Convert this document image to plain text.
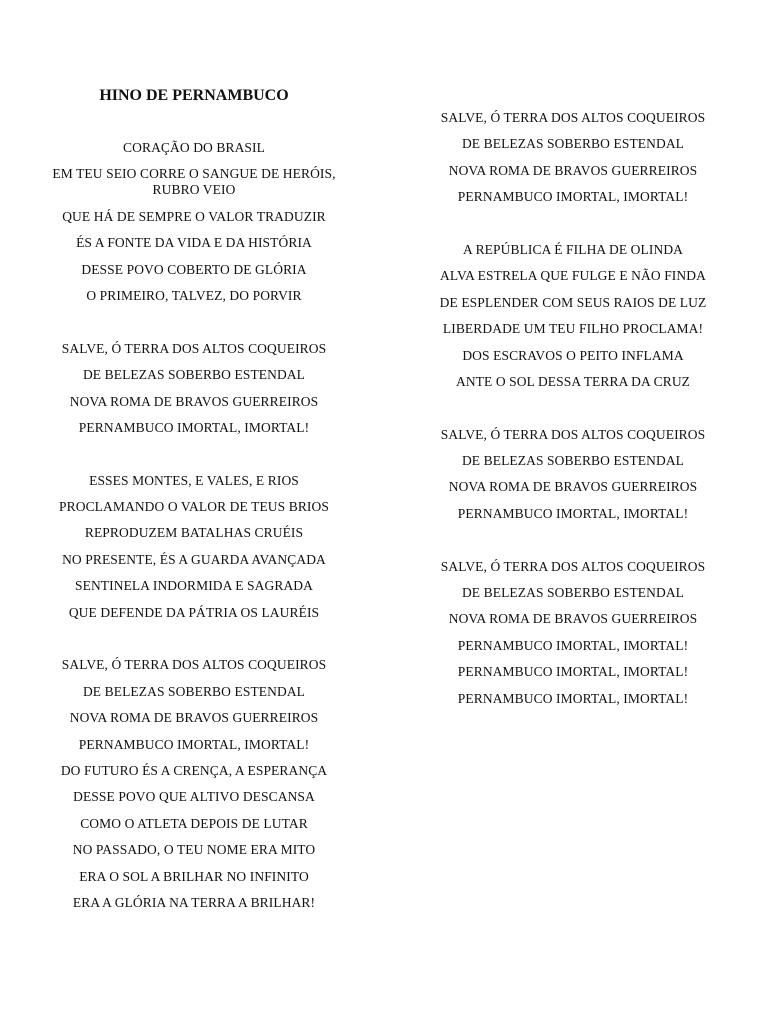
HINO DE PERNAMBUCO
CORAÇÃO DO BRASIL
EM TEU SEIO CORRE O SANGUE DE HERÓIS, RUBRO VEIO
QUE HÁ DE SEMPRE O VALOR TRADUZIR
ÉS A FONTE DA VIDA E DA HISTÓRIA
DESSE POVO COBERTO DE GLÓRIA
O PRIMEIRO, TALVEZ, DO PORVIR
SALVE, Ó TERRA DOS ALTOS COQUEIROS
DE BELEZAS SOBERBO ESTENDAL
NOVA ROMA DE BRAVOS GUERREIROS
PERNAMBUCO IMORTAL, IMORTAL!
ESSES MONTES, E VALES, E RIOS
PROCLAMANDO O VALOR DE TEUS BRIOS
REPRODUZEM BATALHAS CRUÉIS
NO PRESENTE, ÉS A GUARDA AVANÇADA
SENTINELA INDORMIDA E SAGRADA
QUE DEFENDE DA PÁTRIA OS LAURÉIS
SALVE, Ó TERRA DOS ALTOS COQUEIROS
DE BELEZAS SOBERBO ESTENDAL
NOVA ROMA DE BRAVOS GUERREIROS
PERNAMBUCO IMORTAL, IMORTAL!
DO FUTURO ÉS A CRENÇA, A ESPERANÇA
DESSE POVO QUE ALTIVO DESCANSA
COMO O ATLETA DEPOIS DE LUTAR
NO PASSADO, O TEU NOME ERA MITO
ERA O SOL A BRILHAR NO INFINITO
ERA A GLÓRIA NA TERRA A BRILHAR!
SALVE, Ó TERRA DOS ALTOS COQUEIROS
DE BELEZAS SOBERBO ESTENDAL
NOVA ROMA DE BRAVOS GUERREIROS
PERNAMBUCO IMORTAL, IMORTAL!
A REPÚBLICA É FILHA DE OLINDA
ALVA ESTRELA QUE FULGE E NÃO FINDA
DE ESPLENDER COM SEUS RAIOS DE LUZ
LIBERDADE UM TEU FILHO PROCLAMA!
DOS ESCRAVOS O PEITO INFLAMA
ANTE O SOL DESSA TERRA DA CRUZ
SALVE, Ó TERRA DOS ALTOS COQUEIROS
DE BELEZAS SOBERBO ESTENDAL
NOVA ROMA DE BRAVOS GUERREIROS
PERNAMBUCO IMORTAL, IMORTAL!
SALVE, Ó TERRA DOS ALTOS COQUEIROS
DE BELEZAS SOBERBO ESTENDAL
NOVA ROMA DE BRAVOS GUERREIROS
PERNAMBUCO IMORTAL, IMORTAL!
PERNAMBUCO IMORTAL, IMORTAL!
PERNAMBUCO IMORTAL, IMORTAL!
